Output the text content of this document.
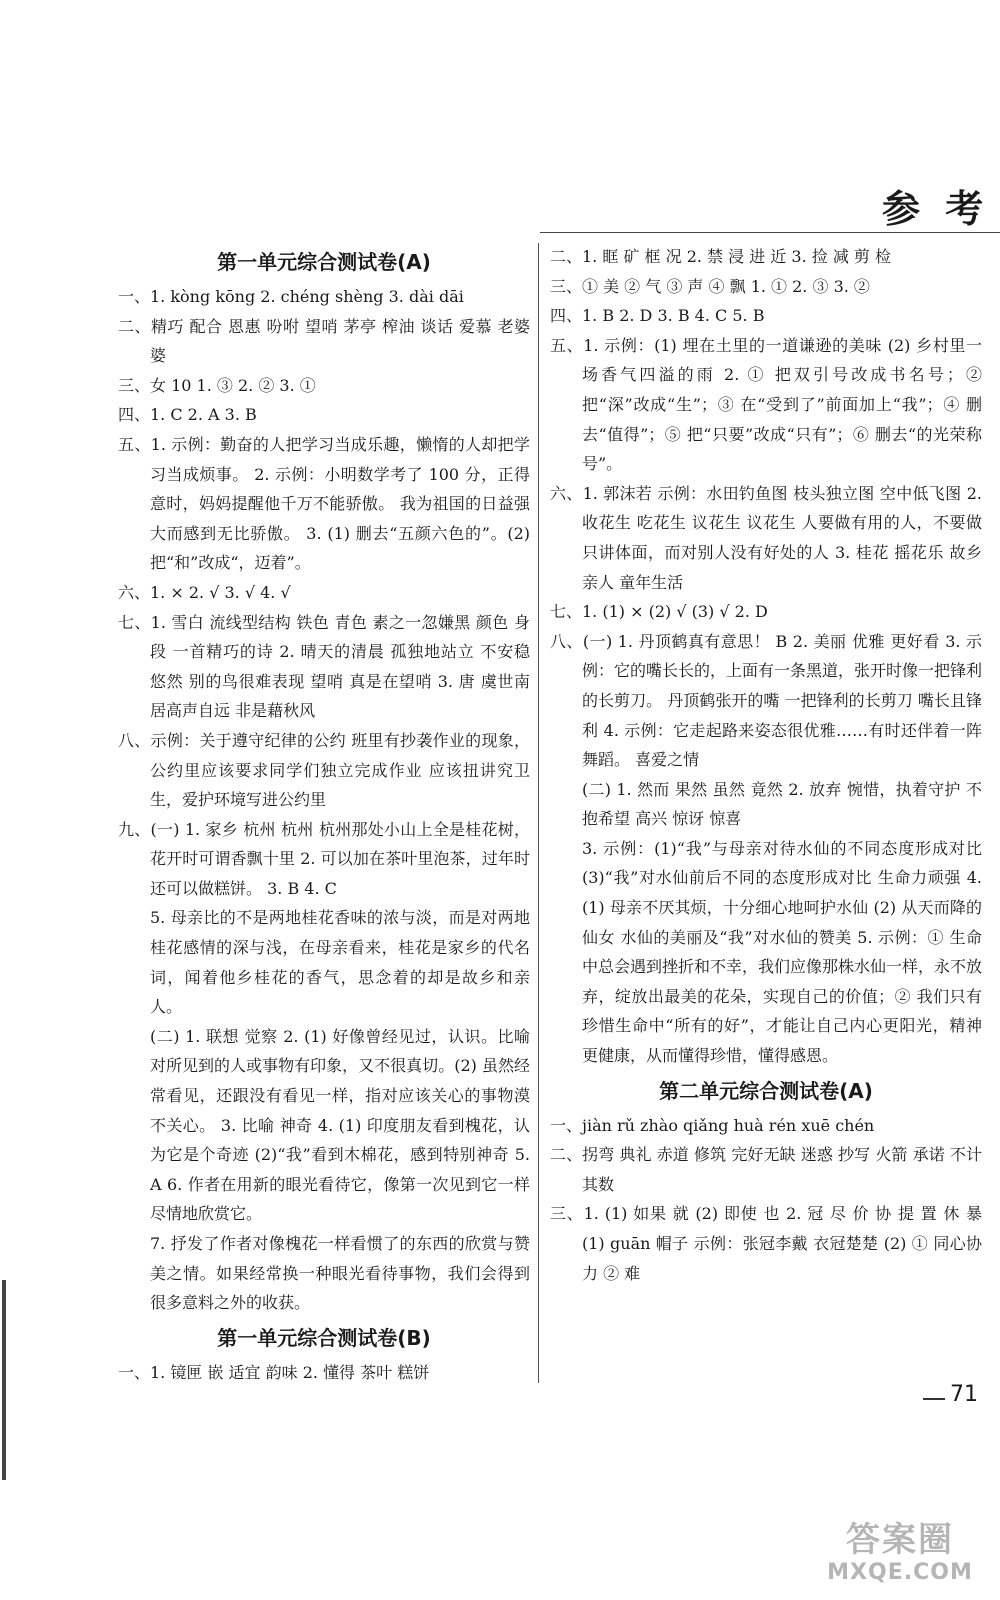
参 考
第一单元综合测试卷(A)

一、1. kòng kōng 2. chéng shèng 3. dài dāi

二、精巧 配合 恩惠 吩咐 望哨 茅亭 榨油 谈话 爱慕 老婆婆

三、女 10 1. ③ 2. ② 3. ①

四、1. C 2. A 3. B

五、1. 示例：勤奋的人把学习当成乐趣，懒惰的人却把学习当成烦事。 2. 示例：小明数学考了 100 分，正得意时，妈妈提醒他千万不能骄傲。 我为祖国的日益强大而感到无比骄傲。 3. (1) 删去“五颜六色的”。(2) 把“和”改成“，迈着”。

六、1. × 2. √ 3. √ 4. √

七、1. 雪白 流线型结构 铁色 青色 素之一忽嫌黑 颜色 身段 一首精巧的诗 2. 晴天的清晨 孤独地站立 不安稳 悠然 别的鸟很难表现 望哨 真是在望哨 3. 唐 虞世南 居高声自远 非是藉秋风

八、示例：关于遵守纪律的公约 班里有抄袭作业的现象，公约里应该要求同学们独立完成作业 应该扭讲究卫生，爱护环境写进公约里

九、(一) 1. 家乡 杭州 杭州 杭州那处小山上全是桂花树，花开时可谓香飘十里 2. 可以加在茶叶里泡茶，过年时还可以做糕饼。 3. B 4. C

5. 母亲比的不是两地桂花香味的浓与淡，而是对两地桂花感情的深与浅，在母亲看来，桂花是家乡的代名词，闻着他乡桂花的香气，思念着的却是故乡和亲人。

(二) 1. 联想 觉察 2. (1) 好像曾经见过，认识。比喻对所见到的人或事物有印象，又不很真切。(2) 虽然经常看见，还跟没有看见一样，指对应该关心的事物漠不关心。 3. 比喻 神奇 4. (1) 印度朋友看到槐花，认为它是个奇迹 (2)“我”看到木棉花，感到特别神奇 5. A 6. 作者在用新的眼光看待它，像第一次见到它一样尽情地欣赏它。

7. 抒发了作者对像槐花一样看惯了的东西的欣赏与赞美之情。如果经常换一种眼光看待事物，我们会得到很多意料之外的收获。

第一单元综合测试卷(B)

一、1. 镜匣 嵌 适宜 韵味 2. 懂得 茶叶 糕饼

二、1. 眶 矿 框 况 2. 禁 浸 进 近 3. 捡 减 剪 检

三、① 美 ② 气 ③ 声 ④ 飘 1. ① 2. ③ 3. ②

四、1. B 2. D 3. B 4. C 5. B

五、1. 示例：(1) 埋在土里的一道谦逊的美味 (2) 乡村里一场香气四溢的雨 2. ① 把双引号改成书名号；② 把“深”改成“生”；③ 在“受到了”前面加上“我”；④ 删去“值得”；⑤ 把“只要”改成“只有”；⑥ 删去“的光荣称号”。

六、1. 郭沫若 示例：水田钓鱼图 枝头独立图 空中低飞图 2. 收花生 吃花生 议花生 议花生 人要做有用的人，不要做只讲体面，而对别人没有好处的人 3. 桂花 摇花乐 故乡 亲人 童年生活

七、1. (1) × (2) √ (3) √ 2. D

八、(一) 1. 丹顶鹤真有意思！ B 2. 美丽 优雅 更好看 3. 示例：它的嘴长长的，上面有一条黑道，张开时像一把锋利的长剪刀。 丹顶鹤张开的嘴 一把锋利的长剪刀 嘴长且锋利 4. 示例：它走起路来姿态很优雅……有时还伴着一阵舞蹈。 喜爱之情

(二) 1. 然而 果然 虽然 竟然 2. 放弃 惋惜，执着守护 不抱希望 高兴 惊讶 惊喜

3. 示例：(1)“我”与母亲对待水仙的不同态度形成对比 (3)“我”对水仙前后不同的态度形成对比 生命力顽强 4. (1) 母亲不厌其烦，十分细心地呵护水仙 (2) 从天而降的仙女 水仙的美丽及“我”对水仙的赞美 5. 示例：① 生命中总会遇到挫折和不幸，我们应像那株水仙一样，永不放弃，绽放出最美的花朵，实现自己的价值；② 我们只有珍惜生命中“所有的好”，才能让自己内心更阳光，精神更健康，从而懂得珍惜，懂得感恩。

第二单元综合测试卷(A)

一、jiàn rǔ zhào qiǎng huà rén xuē chén

二、拐弯 典礼 赤道 修筑 完好无缺 迷惑 抄写 火箭 承诺 不计其数

三、1. (1) 如果 就 (2) 即使 也 2. 冠 尽 价 协 提 置 休 暴 (1) guān 帽子 示例：张冠李戴 衣冠楚楚 (2) ① 同心协力 ② 难

71
答案圈
MXQE.COM
